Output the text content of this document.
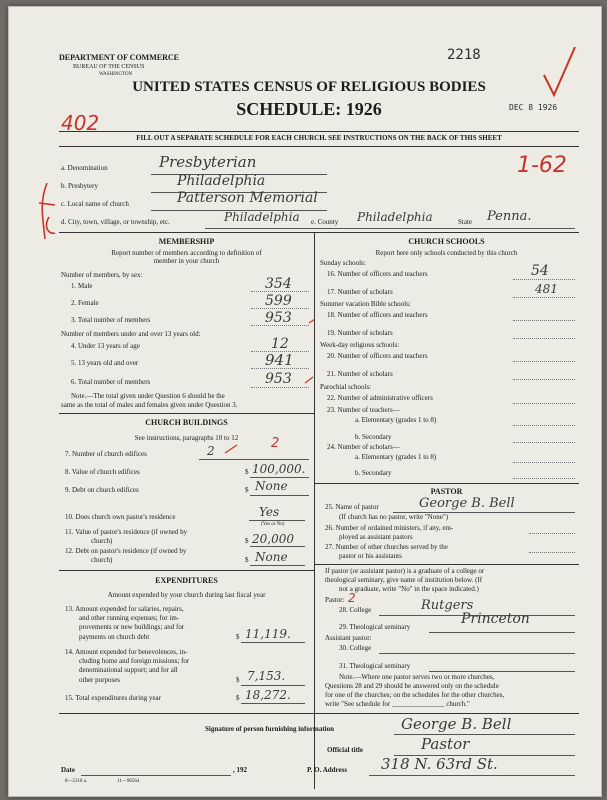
DEPARTMENT OF COMMERCE
BUREAU OF THE CENSUS
WASHINGTON
UNITED STATES CENSUS OF RELIGIOUS BODIES
SCHEDULE: 1926
2218
DEC 8 1926
402
FILL OUT A SEPARATE SCHEDULE FOR EACH CHURCH. SEE INSTRUCTIONS ON THE BACK OF THIS SHEET
1-62
a. Denomination	Presbyterian
b. Presbytery	Philadelphia
c. Local name of church	Patterson Memorial
d. City, town, village, or township, etc.	Philadelphia e. County Philadelphia	State Penna.
MEMBERSHIP
Report number of members according to definition of
member in your church
Number of members, by sex:
1. Male	354
2. Female	599
3. Total number of members	953
Number of members under and over 13 years old:
4. Under 13 years of age	12
5. 13 years old and over	941
6. Total number of members	953
Note.—The total given under Question 6 should be the
same as the total of males and females given under Question 3.
CHURCH BUILDINGS
See instructions, paragraphs 10 to 12
7. Number of church edifices	2	2
8. Value of church edifices	$ 100,000.
9. Debt on church edifices	$ None
10. Does church own pastor's residence	Yes
(Yes or No)
11. Value of pastor's residence (if owned by
church)	$ 20,000
12. Debt on pastor's residence (if owned by
church)	$ None
EXPENDITURES
Amount expended by your church during last fiscal year
13. Amount expended for salaries, repairs,
and other running expenses; for im-
provements or new buildings; and for
payments on church debt	$ 11,119.
14. Amount expended for benevolences, in-
cluding home and foreign missions; for
denominational support; and for all
other purposes	$ 7,153.
15. Total expenditures during year	$ 18,272.
CHURCH SCHOOLS
Report here only schools conducted by this church
Sunday schools:
16. Number of officers and teachers	54
17. Number of scholars	481
Summer vacation Bible schools:
18. Number of officers and teachers
19. Number of scholars
Week-day religious schools:
20. Number of officers and teachers
21. Number of scholars
Parochial schools:
22. Number of administrative officers
23. Number of teachers—
a. Elementary (grades 1 to 8)
b. Secondary
24. Number of scholars—
a. Elementary (grades 1 to 8)
b. Secondary
PASTOR
25. Name of pastor	George B. Bell
(If church has no pastor, write "None")
26. Number of ordained ministers, if any, em-
ployed as assistant pastors
27. Number of other churches served by the
pastor or his assistants
If pastor (or assistant pastor) is a graduate of a college or
theological seminary, give name of institution below. (If
not a graduate, write "No" in the space indicated.)
Pastor: 2
28. College	Rutgers
29. Theological seminary	Princeton
Assistant pastor:
30. College
31. Theological seminary
Note.—Where one pastor serves two or more churches,
Questions 28 and 29 should be answered only on the schedule
for one of the churches; on the schedules for the other churches,
write "See schedule for _______________ church."
Signature of person furnishing information	George B. Bell
Official title	Pastor
Date	, 192	P. O. Address 318 N. 63rd St.
8—5318 a.	11—96564
